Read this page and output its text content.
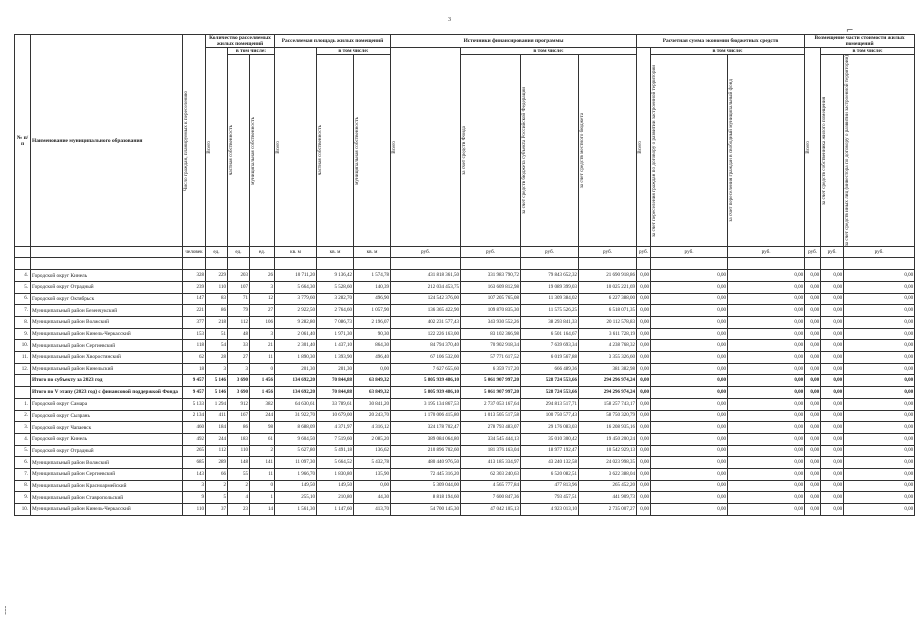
3
⌐
┆
№ п/п	Наименование муниципального образования	Число граждан, планируемых к переселению	Количество расселяемых жилых помещений			Расселяемая площадь жилых помещений			Источники финансирования программы				Расчетная сумма экономии бюджетных средств			Возмещение части стоимости жилых помещений		

			Всего	в том числе:		Всего	в том числе:		Всего	в том числе:			Всего	в том числе:		Всего	в том числе:	

				частная собственность	муниципальная собственность		частная собственность	муниципальная собственность		за счет средств Фонда	за счет средств бюджета субъекта Российской Федерации	за счет средств местного бюджета		за счет переселения граждан по договору о развитии застроенной территории	за счет переселения граждан в свободный муниципальный фонд		за счет средств собственника жилого помещения	за счет средств иных лиц (инвестора по договору о развитии застроенной территории)

		человек	ед.	ед.	ед.	кв. м	кв. м	кв. м	руб.	руб.	руб.	руб.	руб.	руб.	руб.	руб.	руб.	руб.

4.	Городской округ Кинель	328	229	203	26	10 711,20	9 136,42	1 574,78	431 818 361,50	331 983 790,72	79 843 652,32	21 690 918,86	0,00	0,00	0,00	0,00	0,00	0,00
5.	Городской округ Отрадный	239	110	107	3	5 664,30	5 528,60	140,39	212 034 453,75	163 609 812,98	19 089 399,03	10 025 221,69	0,00	0,00	0,00	0,00	0,00	0,00
6.	Городской округ Октябрьск	147	83	71	12	3 779,60	3 282,70	496,90	124 542 376,00	107 205 765,08	11 309 384,02	6 227 388,00	0,00	0,00	0,00	0,00	0,00	0,00
7.	Муниципальный район Безенчукский	221	86	79	27	2 922,50	2 764,60	1 057,90	136 365 422,90	109 870 835,30	11 575 526,25	6 518 071,35	0,00	0,00	0,00	0,00	0,00	0,00
8.	Муниципальный район Волжский	377	218	112	106	9 282,80	7 086,73	2 196,07	402 231 577,43	343 930 552,26	38 293 841,33	20 112 578,83	0,00	0,00	0,00	0,00	0,00	0,00
9.	Муниципальный район Кинель-Черкасский	153	51	48	3	2 061,40	1 971,30	90,30	122 226 163,00	83 102 366,98	6 501 164,67	3 611 728,19	0,00	0,00	0,00	0,00	0,00	0,00
10.	Муниципальный район Сергиевский	118	54	33	21	2 301,40	1 437,10	864,30	84 794 370,40	70 902 918,34	7 639 693,34	4 238 768,32	0,00	0,00	0,00	0,00	0,00	0,00
11.	Муниципальный район Хворостянский	62	28	27	11	1 890,30	1 393,90	496,40	67 106 532,00	57 771 617,52	6 019 567,88	3 355 326,60	0,00	0,00	0,00	0,00	0,00	0,00
12.	Муниципальный район Кинельский	18	3	3	0	201,30	201,30	0,00	7 627 655,60	6 359 717,20	666 489,36	381 382,98	0,00	0,00	0,00	0,00	0,00	0,00
	Итого по субъекту за 2023 год	9 457	5 146	3 690	1 456	134 692,20	70 844,88	63 849,32	5 805 939 486,10	5 061 907 997,20	528 724 553,66	294 296 974,24	0,00	0,00	0,00	0,00	0,00	0,00
	Итого по V этапу (2023 год) с финансовой поддержкой Фонда	9 457	5 146	3 690	1 456	134 692,20	70 844,88	63 849,32	5 805 939 486,10	5 061 907 997,20	528 724 553,66	294 296 974,24	0,00	0,00	0,00	0,00	0,00	0,00
1.	Городской округ Самара	5 133	1 294	912	382	64 630,61	33 789,61	30 841,20	3 195 134 867,53	2 737 053 167,64	294 813 517,71	158 257 743,17	0,00	0,00	0,00	0,00	0,00	0,00
2.	Городской округ Сызрань	2 134	411	167	244	31 922,70	10 679,00	20 243,70	1 170 006 415,80	1 013 505 517,58	100 750 577,43	58 750 320,79	0,00	0,00	0,00	0,00	0,00	0,00
3.	Городской округ Чапаевск	460	184	86	98	8 688,09	4 371,97	4 316,12	324 178 702,47	278 793 483,07	29 176 083,03	16 208 935,16	0,00	0,00	0,00	0,00	0,00	0,00
4.	Городской округ Кинель	492	244	183	61	9 604,50	7 519,60	2 085,20	389 084 064,80	334 545 444,13	35 010 300,42	19 450 200,24	0,00	0,00	0,00	0,00	0,00	0,00
5.	Городской округ Отрадный	265	112	110	2	5 627,80	5 491,18	136,62	210 896 702,60	181 376 163,04	18 977 192,47	10 542 929,13	0,00	0,00	0,00	0,00	0,00	0,00
6.	Муниципальный район Волжский	685	289	148	141	11 097,30	5 664,52	5 432,78	480 440 976,50	413 185 334,97	43 240 132,58	24 023 998,35	0,00	0,00	0,00	0,00	0,00	0,00
7.	Муниципальный район Сергиевский	143	66	55	11	1 966,70	1 830,80	135,90	72 445 316,20	62 303 240,63	6 520 082,51	3 622 388,04	0,00	0,00	0,00	0,00	0,00	0,00
8.	Муниципальный район Красноармейский	3	2	2	0	149,50	149,50	0,00	5 309 044,00	4 565 777,84	477 813,96	265 452,20	0,00	0,00	0,00	0,00	0,00	0,00
9.	Муниципальный район Ставропольский	9	5	4	1	255,10	210,80	44,30	8 818 194,60	7 600 847,36	793 457,51	441 909,73	0,00	0,00	0,00	0,00	0,00	0,00
10.	Муниципальный район Кинель-Черкасский	110	37	23	14	1 561,30	1 147,60	413,70	54 700 145,30	47 042 105,13	4 923 013,10	2 735 007,27	0,00	0,00	0,00	0,00	0,00	0,00
